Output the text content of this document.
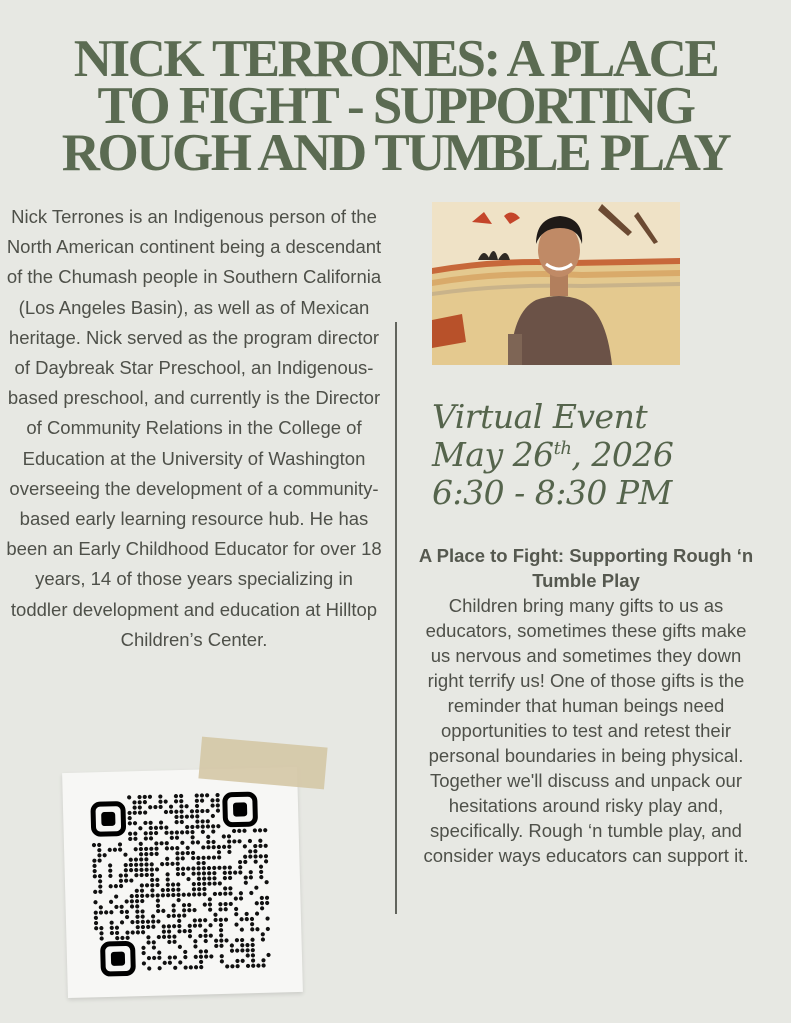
NICK TERRONES: A PLACE TO FIGHT - SUPPORTING ROUGH AND TUMBLE PLAY

Nick Terrones is an Indigenous person of the North American continent being a descendant of the Chumash people in Southern California (Los Angeles Basin), as well as of Mexican heritage. Nick served as the program director of Daybreak Star Preschool, an Indigenous-based preschool, and currently is the Director of Community Relations in the College of Education at the University of Washington overseeing the development of a community-based early learning resource hub. He has been an Early Childhood Educator for over 18 years, 14 of those years specializing in toddler development and education at Hilltop Children’s Center.

Virtual Event
May 26th, 2026
6:30 - 8:30 PM
A Place to Fight: Supporting Rough ‘n Tumble Play
Children bring many gifts to us as educators, sometimes these gifts make us nervous and sometimes they down right terrify us! One of those gifts is the reminder that human beings need opportunities to test and retest their personal boundaries in being physical. Together we'll discuss and unpack our hesitations around risky play and, specifically. Rough ‘n tumble play, and consider ways educators can support it.
